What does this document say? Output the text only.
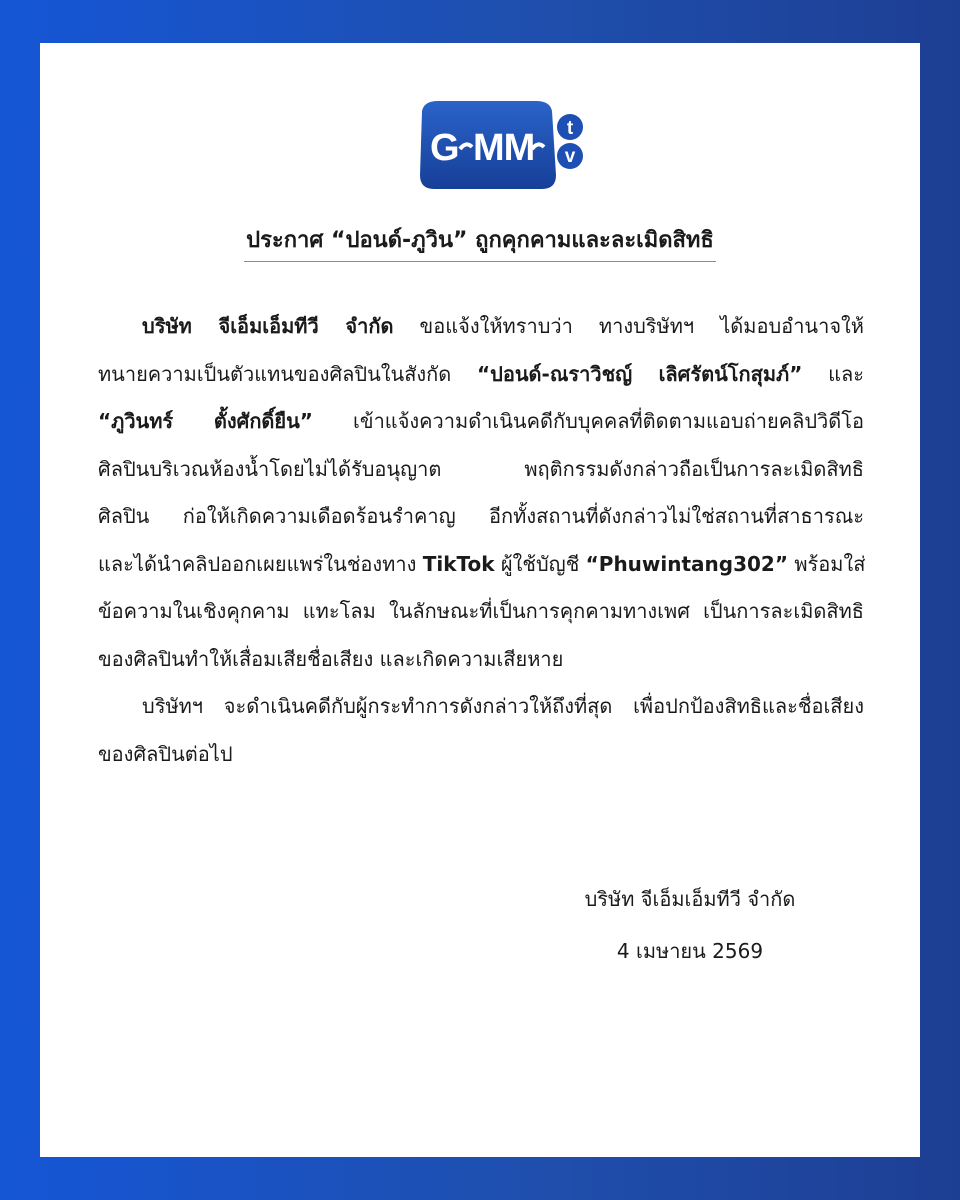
G MM t
v
ประกาศ “ปอนด์-ภูวิน” ถูกคุกคามและละเมิดสิทธิ
บริษัท จีเอ็มเอ็มทีวี จำกัด ขอแจ้งให้ทราบว่า ทางบริษัทฯ ได้มอบอำนาจให้
ทนายความเป็นตัวแทนของศิลปินในสังกัด “ปอนด์-ณราวิชญ์ เลิศรัตน์โกสุมภ์” และ
“ภูวินทร์ ตั้งศักดิ์ยืน” เข้าแจ้งความดำเนินคดีกับบุคคลที่ติดตามแอบถ่ายคลิปวิดีโอ
ศิลปินบริเวณห้องน้ำโดยไม่ได้รับอนุญาต พฤติกรรมดังกล่าวถือเป็นการละเมิดสิทธิ
ศิลปิน ก่อให้เกิดความเดือดร้อนรำคาญ อีกทั้งสถานที่ดังกล่าวไม่ใช่สถานที่สาธารณะ
และได้นำคลิปออกเผยแพร่ในช่องทาง TikTok ผู้ใช้บัญชี “Phuwintang302” พร้อมใส่
ข้อความในเชิงคุกคาม แทะโลม ในลักษณะที่เป็นการคุกคามทางเพศ เป็นการละเมิดสิทธิ
ของศิลปินทำให้เสื่อมเสียชื่อเสียง และเกิดความเสียหาย
บริษัทฯ จะดำเนินคดีกับผู้กระทำการดังกล่าวให้ถึงที่สุด เพื่อปกป้องสิทธิและชื่อเสียง
ของศิลปินต่อไป
บริษัท จีเอ็มเอ็มทีวี จำกัด
4 เมษายน 2569
